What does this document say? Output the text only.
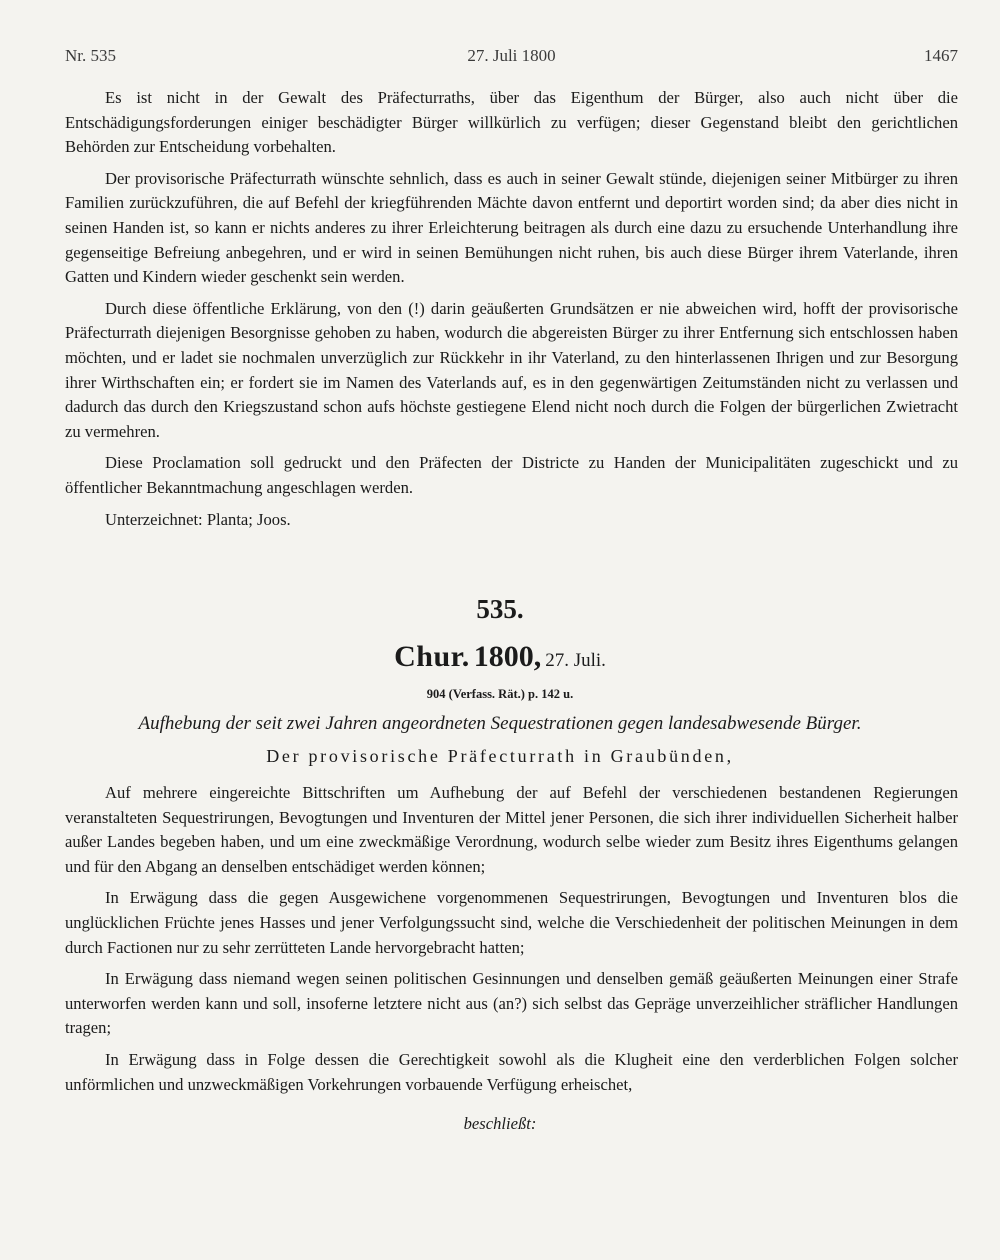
Nr. 535	27. Juli 1800	1467

Es ist nicht in der Gewalt des Präfecturraths, über das Eigenthum der Bürger, also auch nicht über die Entschädigungsforderungen einiger beschädigter Bürger willkürlich zu verfügen; dieser Gegenstand bleibt den gerichtlichen Behörden zur Entscheidung vorbehalten.

Der provisorische Präfecturrath wünschte sehnlich, dass es auch in seiner Gewalt stünde, diejenigen seiner Mitbürger zu ihren Familien zurückzuführen, die auf Befehl der kriegführenden Mächte davon entfernt und deportirt worden sind; da aber dies nicht in seinen Handen ist, so kann er nichts anderes zu ihrer Erleichterung beitragen als durch eine dazu zu ersuchende Unterhandlung ihre gegenseitige Befreiung anbegehren, und er wird in seinen Bemühungen nicht ruhen, bis auch diese Bürger ihrem Vaterlande, ihren Gatten und Kindern wieder geschenkt sein werden.

Durch diese öffentliche Erklärung, von den (!) darin geäußerten Grundsätzen er nie abweichen wird, hofft der provisorische Präfecturrath diejenigen Besorgnisse gehoben zu haben, wodurch die abgereisten Bürger zu ihrer Entfernung sich entschlossen haben möchten, und er ladet sie nochmalen unverzüglich zur Rückkehr in ihr Vaterland, zu den hinterlassenen Ihrigen und zur Besorgung ihrer Wirthschaften ein; er fordert sie im Namen des Vaterlands auf, es in den gegenwärtigen Zeitumständen nicht zu verlassen und dadurch das durch den Kriegszustand schon aufs höchste gestiegene Elend nicht noch durch die Folgen der bürgerlichen Zwietracht zu vermehren.

Diese Proclamation soll gedruckt und den Präfecten der Districte zu Handen der Municipalitäten zugeschickt und zu öffentlicher Bekanntmachung angeschlagen werden.

Unterzeichnet: Planta; Joos.

535.
Chur. 1800, 27. Juli.
904 (Verfass. Rät.) p. 142 u.
Aufhebung der seit zwei Jahren angeordneten Sequestrationen gegen landesabwesende Bürger.
Der provisorische Präfecturrath in Graubünden,

Auf mehrere eingereichte Bittschriften um Aufhebung der auf Befehl der verschiedenen bestandenen Regierungen veranstalteten Sequestrirungen, Bevogtungen und Inventuren der Mittel jener Personen, die sich ihrer individuellen Sicherheit halber außer Landes begeben haben, und um eine zweckmäßige Verordnung, wodurch selbe wieder zum Besitz ihres Eigenthums gelangen und für den Abgang an denselben entschädiget werden können;

In Erwägung dass die gegen Ausgewichene vorgenommenen Sequestrirungen, Bevogtungen und Inventuren blos die unglücklichen Früchte jenes Hasses und jener Verfolgungssucht sind, welche die Verschiedenheit der politischen Meinungen in dem durch Factionen nur zu sehr zerrütteten Lande hervorgebracht hatten;

In Erwägung dass niemand wegen seinen politischen Gesinnungen und denselben gemäß geäußerten Meinungen einer Strafe unterworfen werden kann und soll, insoferne letztere nicht aus (an?) sich selbst das Gepräge unverzeihlicher sträflicher Handlungen tragen;

In Erwägung dass in Folge dessen die Gerechtigkeit sowohl als die Klugheit eine den verderblichen Folgen solcher unförmlichen und unzweckmäßigen Vorkehrungen vorbauende Verfügung erheischet,

beschließt:
